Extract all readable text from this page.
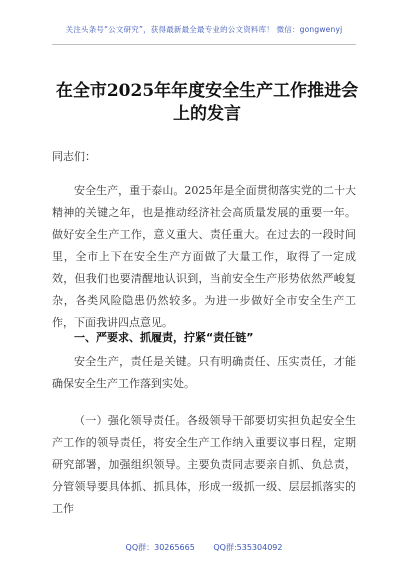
关注头条号“公文研究”，获得最新最全最专业的公文资料库！ 微信：gongwenyj
在全市2025年年度安全生产工作推进会上的发言
同志们：
安全生产，重于泰山。2025年是全面贯彻落实党的二十大精神的关键之年，也是推动经济社会高质量发展的重要一年。做好安全生产工作，意义重大、责任重大。在过去的一段时间里，全市上下在安全生产方面做了大量工作，取得了一定成效，但我们也要清醒地认识到，当前安全生产形势依然严峻复杂，各类风险隐患仍然较多。为进一步做好全市安全生产工作，下面我讲四点意见。
一、严要求、抓履责，拧紧“责任链”
安全生产，责任是关键。只有明确责任、压实责任，才能确保安全生产工作落到实处。
（一）强化领导责任。各级领导干部要切实担负起安全生产工作的领导责任，将安全生产工作纳入重要议事日程，定期研究部署，加强组织领导。主要负责同志要亲自抓、负总责，分管领导要具体抓、抓具体，形成一级抓一级、层层抓落实的工作
QQ群：30265665 QQ群:535304092
